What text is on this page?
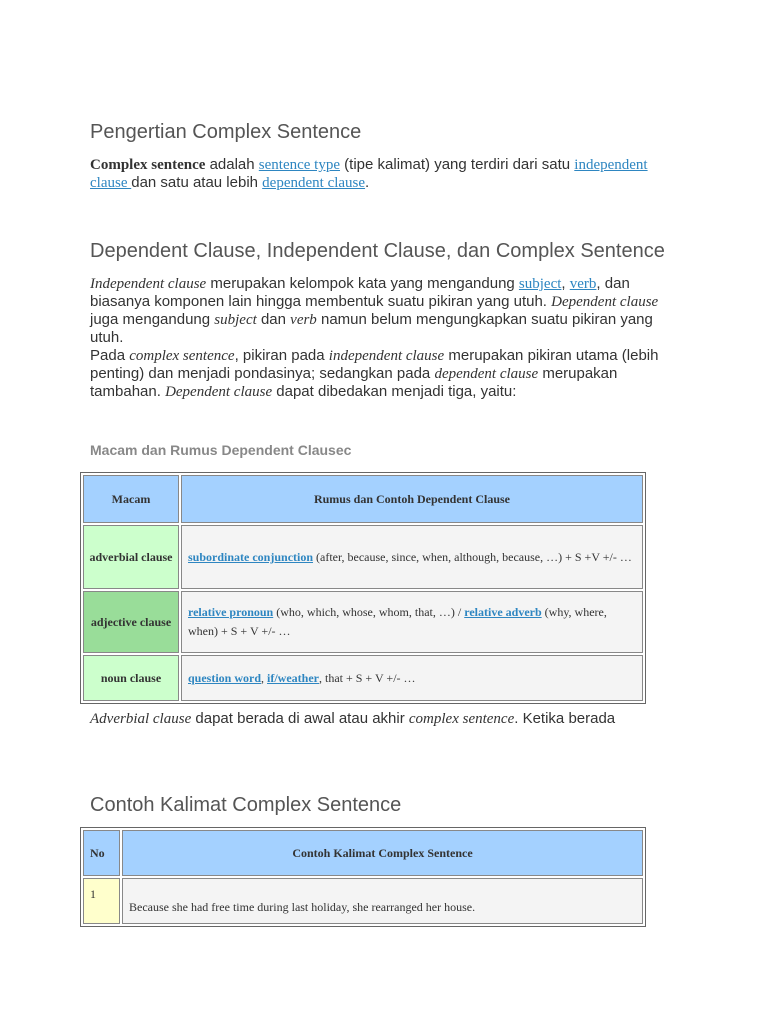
Pengertian Complex Sentence

Complex sentence adalah sentence type (tipe kalimat) yang terdiri dari satu independent clause dan satu atau lebih dependent clause.

Dependent Clause, Independent Clause, dan Complex Sentence

Independent clause merupakan kelompok kata yang mengandung subject, verb, dan biasanya komponen lain hingga membentuk suatu pikiran yang utuh. Dependent clause juga mengandung subject dan verb namun belum mengungkapkan suatu pikiran yang utuh.
Pada complex sentence, pikiran pada independent clause merupakan pikiran utama (lebih penting) dan menjadi pondasinya; sedangkan pada dependent clause merupakan tambahan. Dependent clause dapat dibedakan menjadi tiga, yaitu:

Macam dan Rumus Dependent Clausec
Macam	Rumus dan Contoh Dependent Clause
adverbial clause	subordinate conjunction (after, because, since, when, although, because, …) + S +V +/- …
adjective clause	relative pronoun (who, which, whose, whom, that, …) / relative adverb (why, where, when) + S + V +/- …
noun clause	question word, if/weather, that + S + V +/- …

Adverbial clause dapat berada di awal atau akhir complex sentence. Ketika berada

Contoh Kalimat Complex Sentence
No	Contoh Kalimat Complex Sentence
1	Because she had free time during last holiday, she rearranged her house.
